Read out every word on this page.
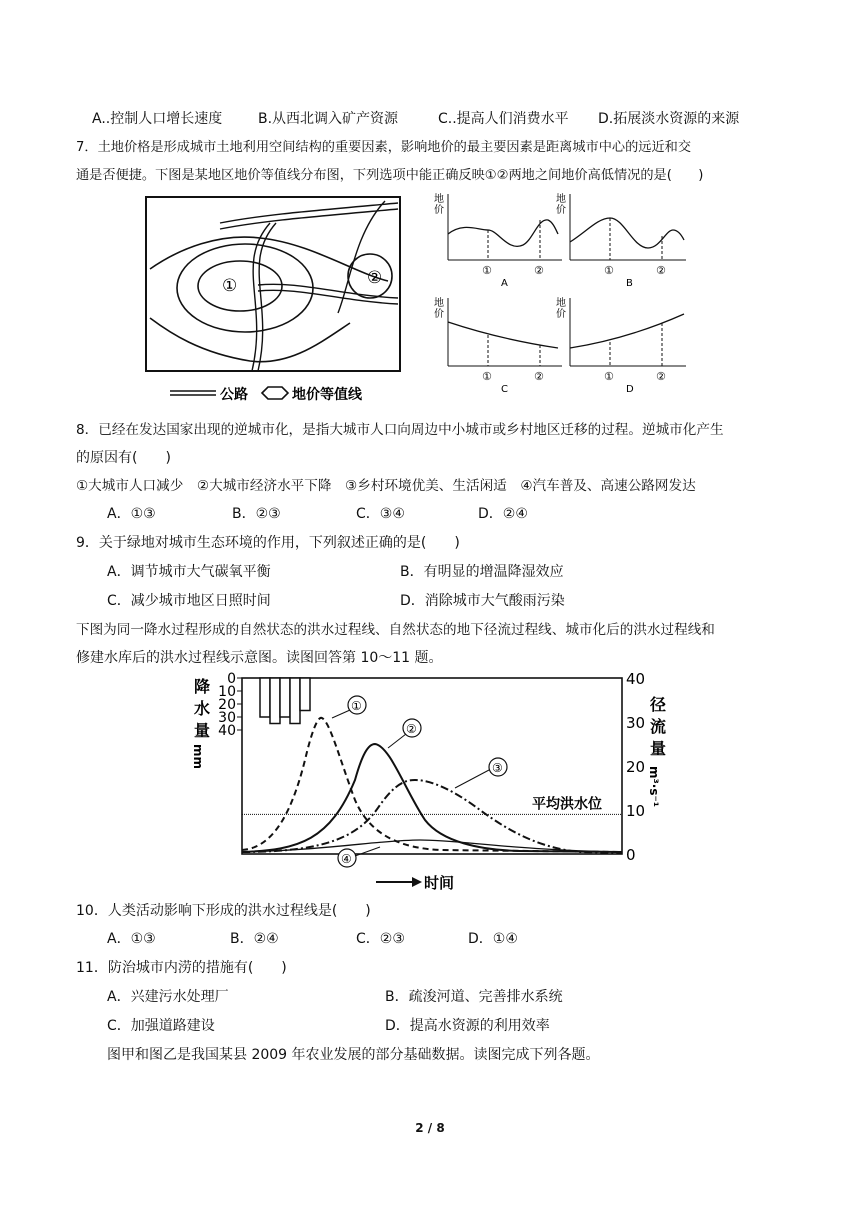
A..控制人口增长速度	B.从西北调入矿产资源	C..提高人们消费水平 D.拓展淡水资源的来源
7．土地价格是形成城市土地利用空间结构的重要因素，影响地价的最主要因素是距离城市中心的远近和交
通是否便捷。下图是某地区地价等值线分布图，下列选项中能正确反映①②两地之间地价高低情况的是(　　)
①	②
公路	地价等值线
地
价
①	②
A
地
价
①	②
B
地
价
①	②
C
地
价
①	②
D
8．已经在发达国家出现的逆城市化，是指大城市人口向周边中小城市或乡村地区迁移的过程。逆城市化产生
的原因有(　　)
①大城市人口减少　②大城市经济水平下降　③乡村环境优美、生活闲适　④汽车普及、高速公路网发达
A．①③	B．②③	C．③④	D．②④
9．关于绿地对城市生态环境的作用，下列叙述正确的是(　　)
A．调节城市大气碳氧平衡	B．有明显的增温降湿效应
C．减少城市地区日照时间	D．消除城市大气酸雨污染
下图为同一降水过程形成的自然状态的洪水过程线、自然状态的地下径流过程线、城市化后的洪水过程线和
修建水库后的洪水过程线示意图。读图回答第 10～11 题。
降
水
量
mm
0
10
20
30
40
径
流
量
m³·s⁻¹
40
30
20
10
0
平均洪水位
①
②
③
④
时间
10．人类活动影响下形成的洪水过程线是(　　)
A．①③	B．②④	C．②③	D．①④
11．防治城市内涝的措施有(　　)
A．兴建污水处理厂	B．疏浚河道、完善排水系统
C．加强道路建设	D．提高水资源的利用效率
图甲和图乙是我国某县 2009 年农业发展的部分基础数据。读图完成下列各题。
2 / 8
